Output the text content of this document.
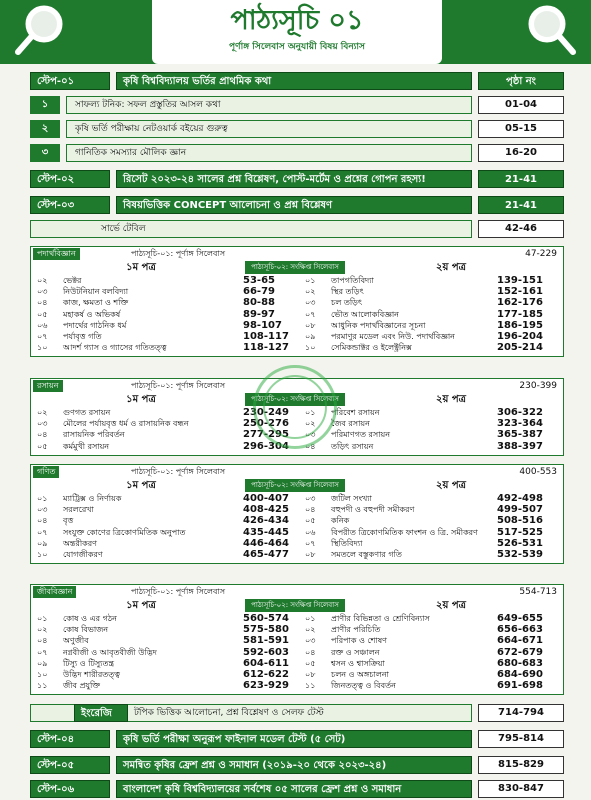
পাঠ্যসূচি ০১
পূর্ণাঙ্গ সিলেবাস অনুযায়ী বিষয় বিন্যাস
স্টেপ-০১	কৃষি বিশ্ববিদ্যালয় ভর্তির প্রাথমিক কথা	পৃষ্ঠা নং
১	সাফল্য টনিক: সফল প্রস্তুতির আসল কথা	01-04
২	কৃষি ভর্তি পরীক্ষায় নেটওয়ার্ক বইয়ের গুরুত্ব	05-15
৩	গানিতিক সমস্যার মৌলিক জ্ঞান	16-20
স্টেপ-০২	রিসেট ২০২৩-২৪ সালের প্রশ্ন বিশ্লেষণ, পোস্ট-মর্টেম ও প্রশ্নের গোপন রহস্য!	21-41
স্টেপ-০৩	বিষয়ভিত্তিক CONCEPT আলোচনা ও প্রশ্ন বিশ্লেষণ	21-41
সার্ভে টেবিল	42-46
পদার্থবিজ্ঞান	পাঠ্যসূচি-০১: পূর্ণাঙ্গ সিলেবাস	47-229
১ম পত্র	২য় পত্র
পাঠ্যসূচি-০২: সংক্ষিপ্ত সিলেবাস
০২ ভেক্টর	53-65
০৩ নিউটনিয়ান বলবিদ্যা	66-79
০৪ কাজ, ক্ষমতা ও শক্তি	80-88
০৫ মহাকর্ষ ও অভিকর্ষ	89-97
০৬ পদার্থের গাঠনিক ধর্ম	98-107
০৭ পর্যাবৃত্ত গতি	108-117
১০ আদর্শ গ্যাস ও গ্যাসের গতিতত্ত্ব	118-127
০১ তাপগতিবিদ্যা	139-151
০২ স্থির তড়িৎ	152-161
০৩ চল তড়িৎ	162-176
০৭ ভৌত আলোকবিজ্ঞান	177-185
০৮ আধুনিক পদার্থবিজ্ঞানের সূচনা	186-195
০৯ পরমাণুর মডেল এবং নিউ. পদার্থবিজ্ঞান	196-204
১০ সেমিকন্ডাক্টর ও ইলেক্ট্রনিক্স	205-214
রসায়ন	পাঠ্যসূচি-০১: পূর্ণাঙ্গ সিলেবাস	230-399
১ম পত্র	২য় পত্র
পাঠ্যসূচি-০২: সংক্ষিপ্ত সিলেবাস
০২ গুণগত রসায়ন	230-249
০৩ মৌলের পর্যায়বৃত্ত ধর্ম ও রাসায়নিক বন্ধন	250-276
০৪ রাসায়নিক পরিবর্তন	277-295
০৫ কর্মমুখী রসায়ন	296-304
০১ পরিবেশ রসায়ন	306-322
০২ জৈব রসায়ন	323-364
০৩ পরিমাণগত রসায়ন	365-387
০৪ তড়িৎ রসায়ন	388-397
গণিত	পাঠ্যসূচি-০১: পূর্ণাঙ্গ সিলেবাস	400-553
১ম পত্র	২য় পত্র
পাঠ্যসূচি-০২: সংক্ষিপ্ত সিলেবাস
০১ ম্যাট্রিক্স ও নির্ণায়ক	400-407
০৩ সরলরেখা	408-425
০৪ বৃত্ত	426-434
০৭ সংযুক্ত কোণের ত্রিকোণমিতিক অনুপাত	435-445
০৯ অন্তরীকরণ	446-464
১০ যোগজীকরণ	465-477
০৩ জটিল সংখ্যা	492-498
০৪ বহুপদী ও বহুপদী সমীকরণ	499-507
০৫ কনিক	508-516
০৬ বিপরীত ত্রিকোণমিতিক ফাংশন ও ত্রি. সমীকরণ 517-525
০৭ স্থিতিবিদ্যা	526-531
০৮ সমতলে বস্তুকণার গতি	532-539
জীববিজ্ঞান	পাঠ্যসূচি-০১: পূর্ণাঙ্গ সিলেবাস	554-713
১ম পত্র	২য় পত্র
পাঠ্যসূচি-০২: সংক্ষিপ্ত সিলেবাস
০১ কোষ ও এর গঠন	560-574
০২ কোষ বিভাজন	575-580
০৪ অণুজীব	581-591
০৭ নগ্নবীজী ও আবৃতবীজী উদ্ভিদ	592-603
০৯ টিস্যু ও টিস্যুতন্ত্র	604-611
১০ উদ্ভিদ শারীরতত্ত্ব	612-622
১১ জীব প্রযুক্তি	623-929
০১ প্রাণীর বিভিন্নতা ও শ্রেণিবিন্যাস	649-655
০২ প্রাণীর পরিচিতি	656-663
০৩ পরিপাক ও শোষণ	664-671
০৪ রক্ত ও সঞ্চালন	672-679
০৫ শ্বসন ও শ্বাসক্রিয়া	680-683
০৮ চলন ও অঙ্গচালনা	684-690
১১ জিনতত্ত্ব ও বিবর্তন	691-698
ইংরেজি	টপিক ভিত্তিক আলোচনা, প্রশ্ন বিশ্লেষণ ও সেলফ টেস্ট	714-794
স্টেপ-০৪	কৃষি ভর্তি পরীক্ষা অনুরূপ ফাইনাল মডেল টেস্ট (৫ সেট)	795-814
স্টেপ-০৫	সমন্বিত কৃষির ফ্রেশ প্রশ্ন ও সমাধান (২০১৯-২০ থেকে ২০২৩-২৪)	815-829
স্টেপ-০৬	বাংলাদেশ কৃষি বিশ্ববিদ্যালয়ের সর্বশেষ ০৫ সালের ফ্রেশ প্রশ্ন ও সমাধান	830-847
